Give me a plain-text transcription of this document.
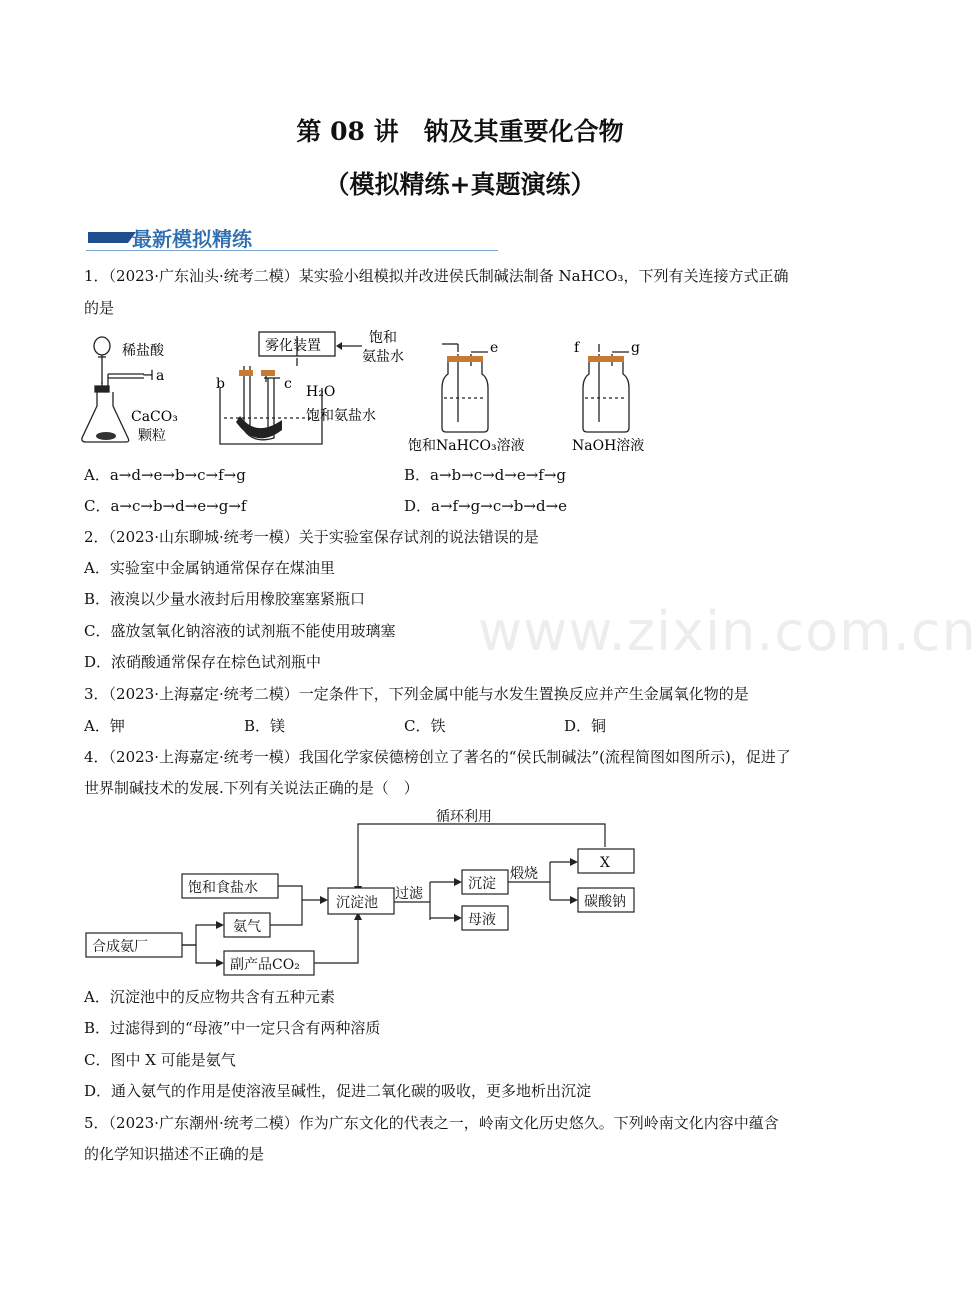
www.zixin.com.cn
第 08 讲　钠及其重要化合物
（模拟精练+真题演练）
最新模拟精练
1．（2023·广东汕头·统考二模）某实验小组模拟并改进侯氏制碱法制备 NaHCO₃，下列有关连接方式正确
的是
稀盐酸
⊣ a
CaCO₃
颗粒
雾化装置	饱和
氨盐水
b	c H₂O
饱和氨盐水
e
饱和NaHCO₃溶液
f	g
NaOH溶液
A．a→d→e→b→c→f→g	B．a→b→c→d→e→f→g
C．a→c→b→d→e→g→f	D．a→f→g→c→b→d→e
2．（2023·山东聊城·统考一模）关于实验室保存试剂的说法错误的是
A．实验室中金属钠通常保存在煤油里
B．液溴以少量水液封后用橡胶塞塞紧瓶口
C．盛放氢氧化钠溶液的试剂瓶不能使用玻璃塞
D．浓硝酸通常保存在棕色试剂瓶中
3．（2023·上海嘉定·统考二模）一定条件下，下列金属中能与水发生置换反应并产生金属氧化物的是
A．钾	B．镁	C．铁	D．铜
4．（2023·上海嘉定·统考一模）我国化学家侯德榜创立了著名的“侯氏制碱法”(流程简图如图所示)，促进了
世界制碱技术的发展.下列有关说法正确的是（　）
循环利用
饱和食盐水
氨气
合成氨厂
副产品CO₂
沉淀池
过滤
沉淀
母液
煅烧
X
碳酸钠
A．沉淀池中的反应物共含有五种元素
B．过滤得到的“母液”中一定只含有两种溶质
C．图中 X 可能是氨气
D．通入氨气的作用是使溶液呈碱性，促进二氧化碳的吸收，更多地析出沉淀
5．（2023·广东潮州·统考二模）作为广东文化的代表之一，岭南文化历史悠久。下列岭南文化内容中蕴含
的化学知识描述不正确的是
